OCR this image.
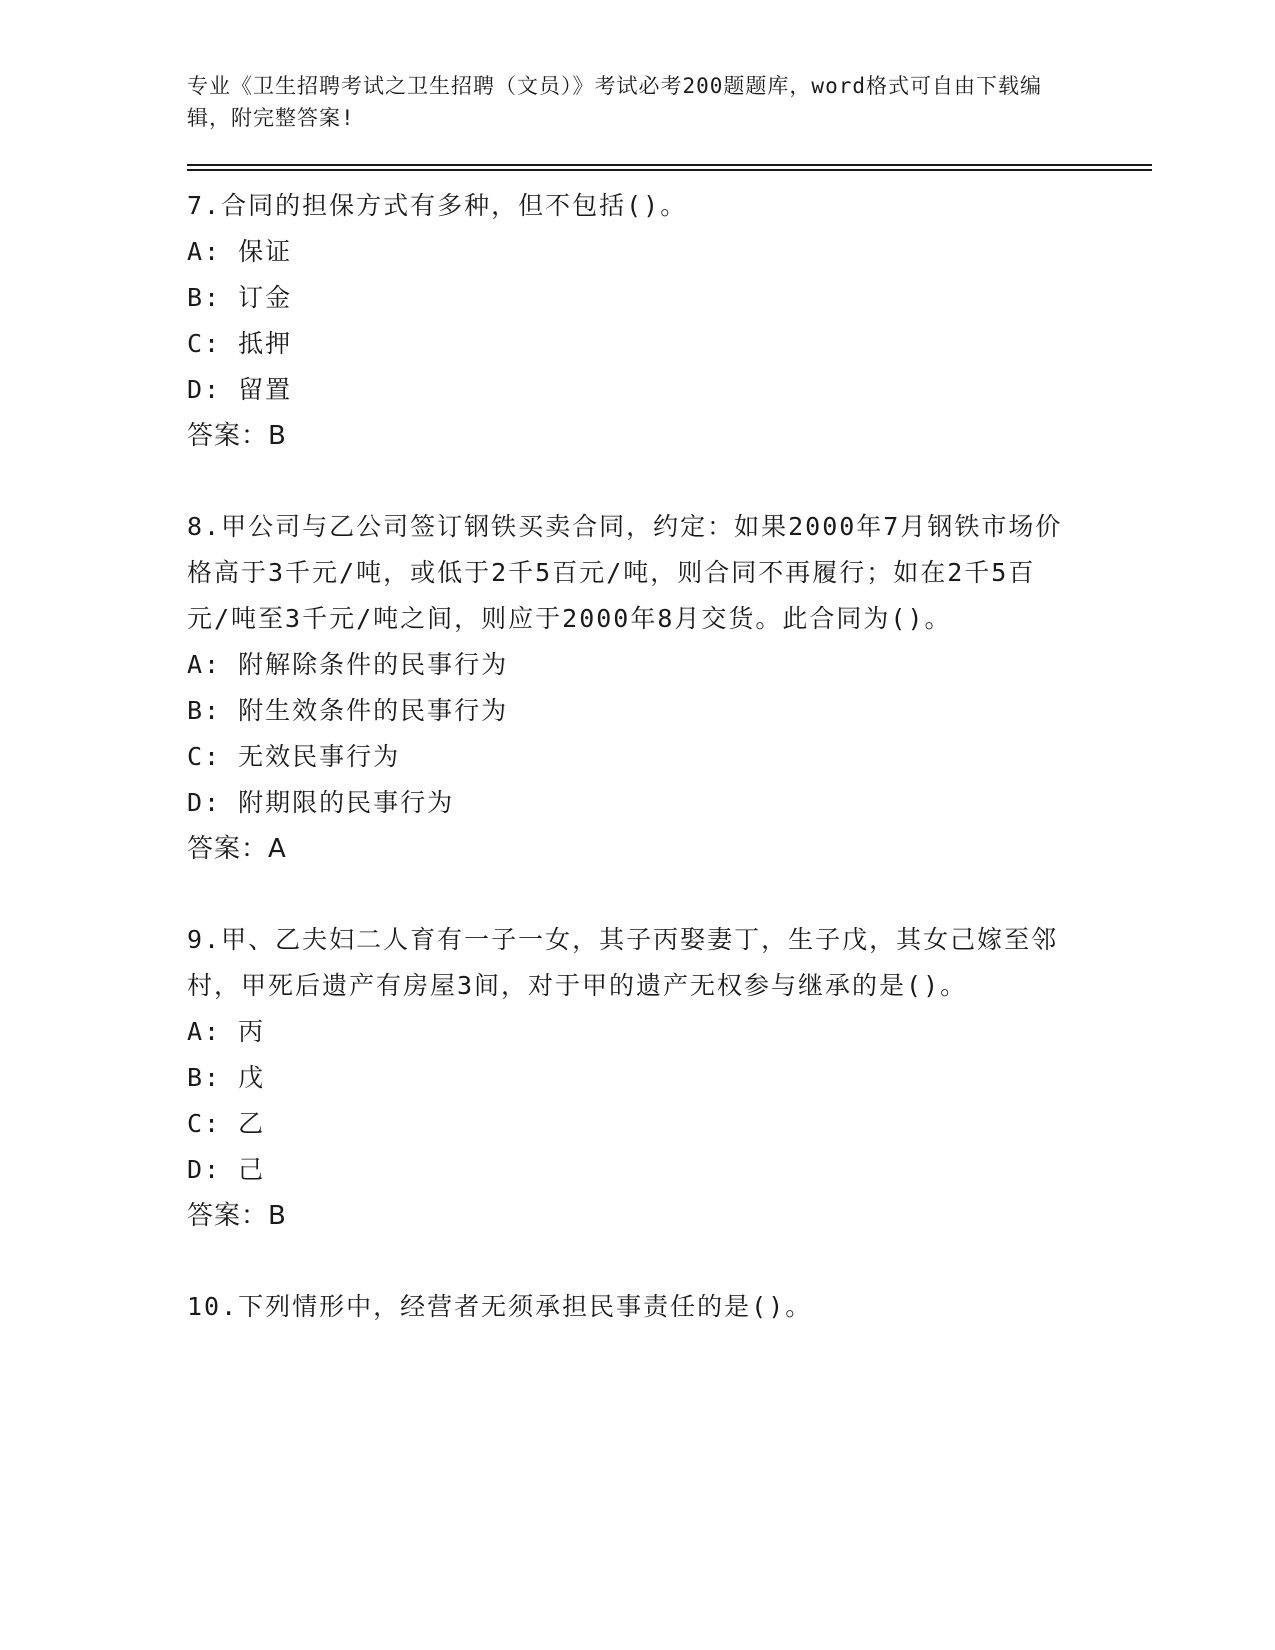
专业《卫生招聘考试之卫生招聘（文员）》考试必考200题题库，word格式可自由下载编辑，附完整答案!

7.合同的担保方式有多种，但不包括()。

A: 保证

B: 订金

C: 抵押

D: 留置

答案：B

8.甲公司与乙公司签订钢铁买卖合同，约定：如果2000年7月钢铁市场价格高于3千元/吨，或低于2千5百元/吨，则合同不再履行；如在2千5百元/吨至3千元/吨之间，则应于2000年8月交货。此合同为()。

A: 附解除条件的民事行为

B: 附生效条件的民事行为

C: 无效民事行为

D: 附期限的民事行为

答案：A

9.甲、乙夫妇二人育有一子一女，其子丙娶妻丁，生子戊，其女己嫁至邻村，甲死后遗产有房屋3间，对于甲的遗产无权参与继承的是()。

A: 丙

B: 戊

C: 乙

D: 己

答案：B

10.下列情形中，经营者无须承担民事责任的是()。
